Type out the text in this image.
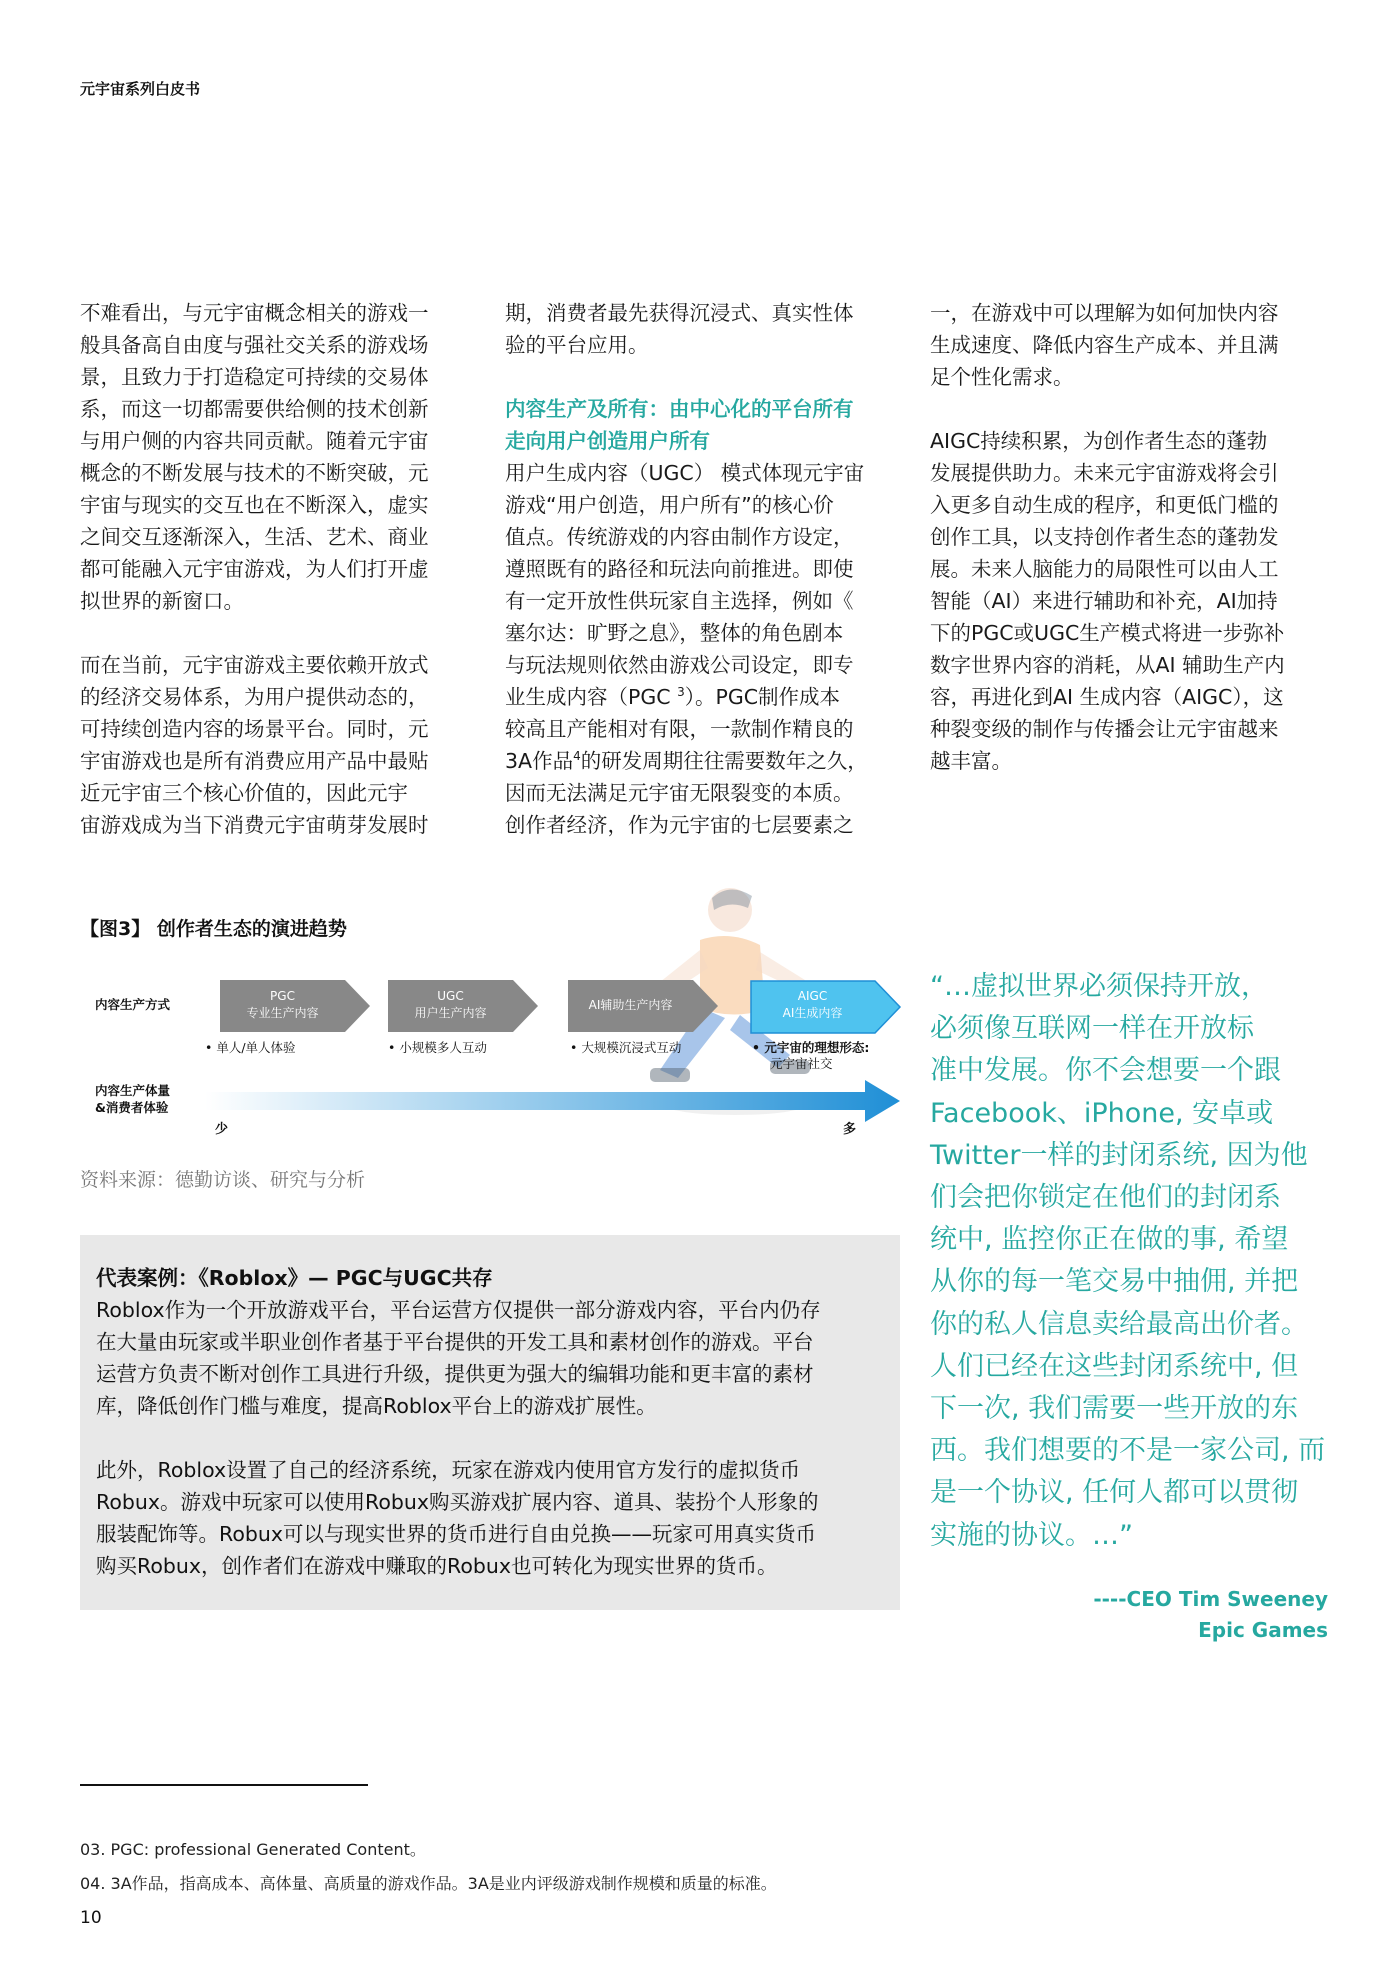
元宇宙系列白皮书

不难看出，与元宇宙概念相关的游戏一
般具备高自由度与强社交关系的游戏场
景，且致力于打造稳定可持续的交易体
系，而这一切都需要供给侧的技术创新
与用户侧的内容共同贡献。随着元宇宙
概念的不断发展与技术的不断突破，元
宇宙与现实的交互也在不断深入，虚实
之间交互逐渐深入，生活、艺术、商业
都可能融入元宇宙游戏，为人们打开虚
拟世界的新窗口。

而在当前，元宇宙游戏主要依赖开放式
的经济交易体系，为用户提供动态的，
可持续创造内容的场景平台。同时，元
宇宙游戏也是所有消费应用产品中最贴
近元宇宙三个核心价值的，因此元宇
宙游戏成为当下消费元宇宙萌芽发展时

期，消费者最先获得沉浸式、真实性体
验的平台应用。

内容生产及所有：由中心化的平台所有
走向用户创造用户所有

用户生成内容（UGC） 模式体现元宇宙
游戏“用户创造，用户所有”的核心价
值点。传统游戏的内容由制作方设定，
遵照既有的路径和玩法向前推进。即使
有一定开放性供玩家自主选择，例如《
塞尔达：旷野之息》，整体的角色剧本
与玩法规则依然由游戏公司设定，即专
业生成内容（PGC $^3$）。PGC制作成本
较高且产能相对有限，一款制作精良的
3A作品$^4$的研发周期往往需要数年之久，
因而无法满足元宇宙无限裂变的本质。
创作者经济，作为元宇宙的七层要素之

一，在游戏中可以理解为如何加快内容
生成速度、降低内容生产成本、并且满
足个性化需求。

AIGC持续积累，为创作者生态的蓬勃
发展提供助力。未来元宇宙游戏将会引
入更多自动生成的程序，和更低门槛的
创作工具，以支持创作者生态的蓬勃发
展。未来人脑能力的局限性可以由人工
智能（AI）来进行辅助和补充，AI加持
下的PGC或UGC生产模式将进一步弥补
数字世界内容的消耗，从AI 辅助生产内
容，再进化到AI 生成内容（AIGC），这
种裂变级的制作与传播会让元宇宙越来
越丰富。

【图3】 创作者生态的演进趋势
内容生产方式
内容生产体量
&消费者体验
PGC
专业生产内容
UGC
用户生产内容
AI辅助生产内容
AIGC
AI生成内容
• 单人/单人体验	• 小规模多人互动	• 大规模沉浸式互动	• 元宇宙的理想形态:
元宇宙社交
少	多
资料来源：德勤访谈、研究与分析
“…虚拟世界必须保持开放，
必须像互联网一样在开放标
准中发展。你不会想要一个跟
Facebook、iPhone, 安卓或
Twitter一样的封闭系统, 因为他
们会把你锁定在他们的封闭系
统中, 监控你正在做的事, 希望
从你的每一笔交易中抽佣, 并把
你的私人信息卖给最高出价者。
人们已经在这些封闭系统中, 但
下一次, 我们需要一些开放的东
西。我们想要的不是一家公司, 而
是一个协议, 任何人都可以贯彻
实施的协议。…”
----CEO Tim Sweeney
Epic Games

代表案例：《Roblox》— PGC与UGC共存

Roblox作为一个开放游戏平台，平台运营方仅提供一部分游戏内容，平台内仍存
在大量由玩家或半职业创作者基于平台提供的开发工具和素材创作的游戏。平台
运营方负责不断对创作工具进行升级，提供更为强大的编辑功能和更丰富的素材
库，降低创作门槛与难度，提高Roblox平台上的游戏扩展性。

此外，Roblox设置了自己的经济系统，玩家在游戏内使用官方发行的虚拟货币
Robux。游戏中玩家可以使用Robux购买游戏扩展内容、道具、装扮个人形象的
服装配饰等。Robux可以与现实世界的货币进行自由兑换——玩家可用真实货币
购买Robux，创作者们在游戏中赚取的Robux也可转化为现实世界的货币。

03. PGC: professional Generated Content。
04. 3A作品，指高成本、高体量、高质量的游戏作品。3A是业内评级游戏制作规模和质量的标准。
10
